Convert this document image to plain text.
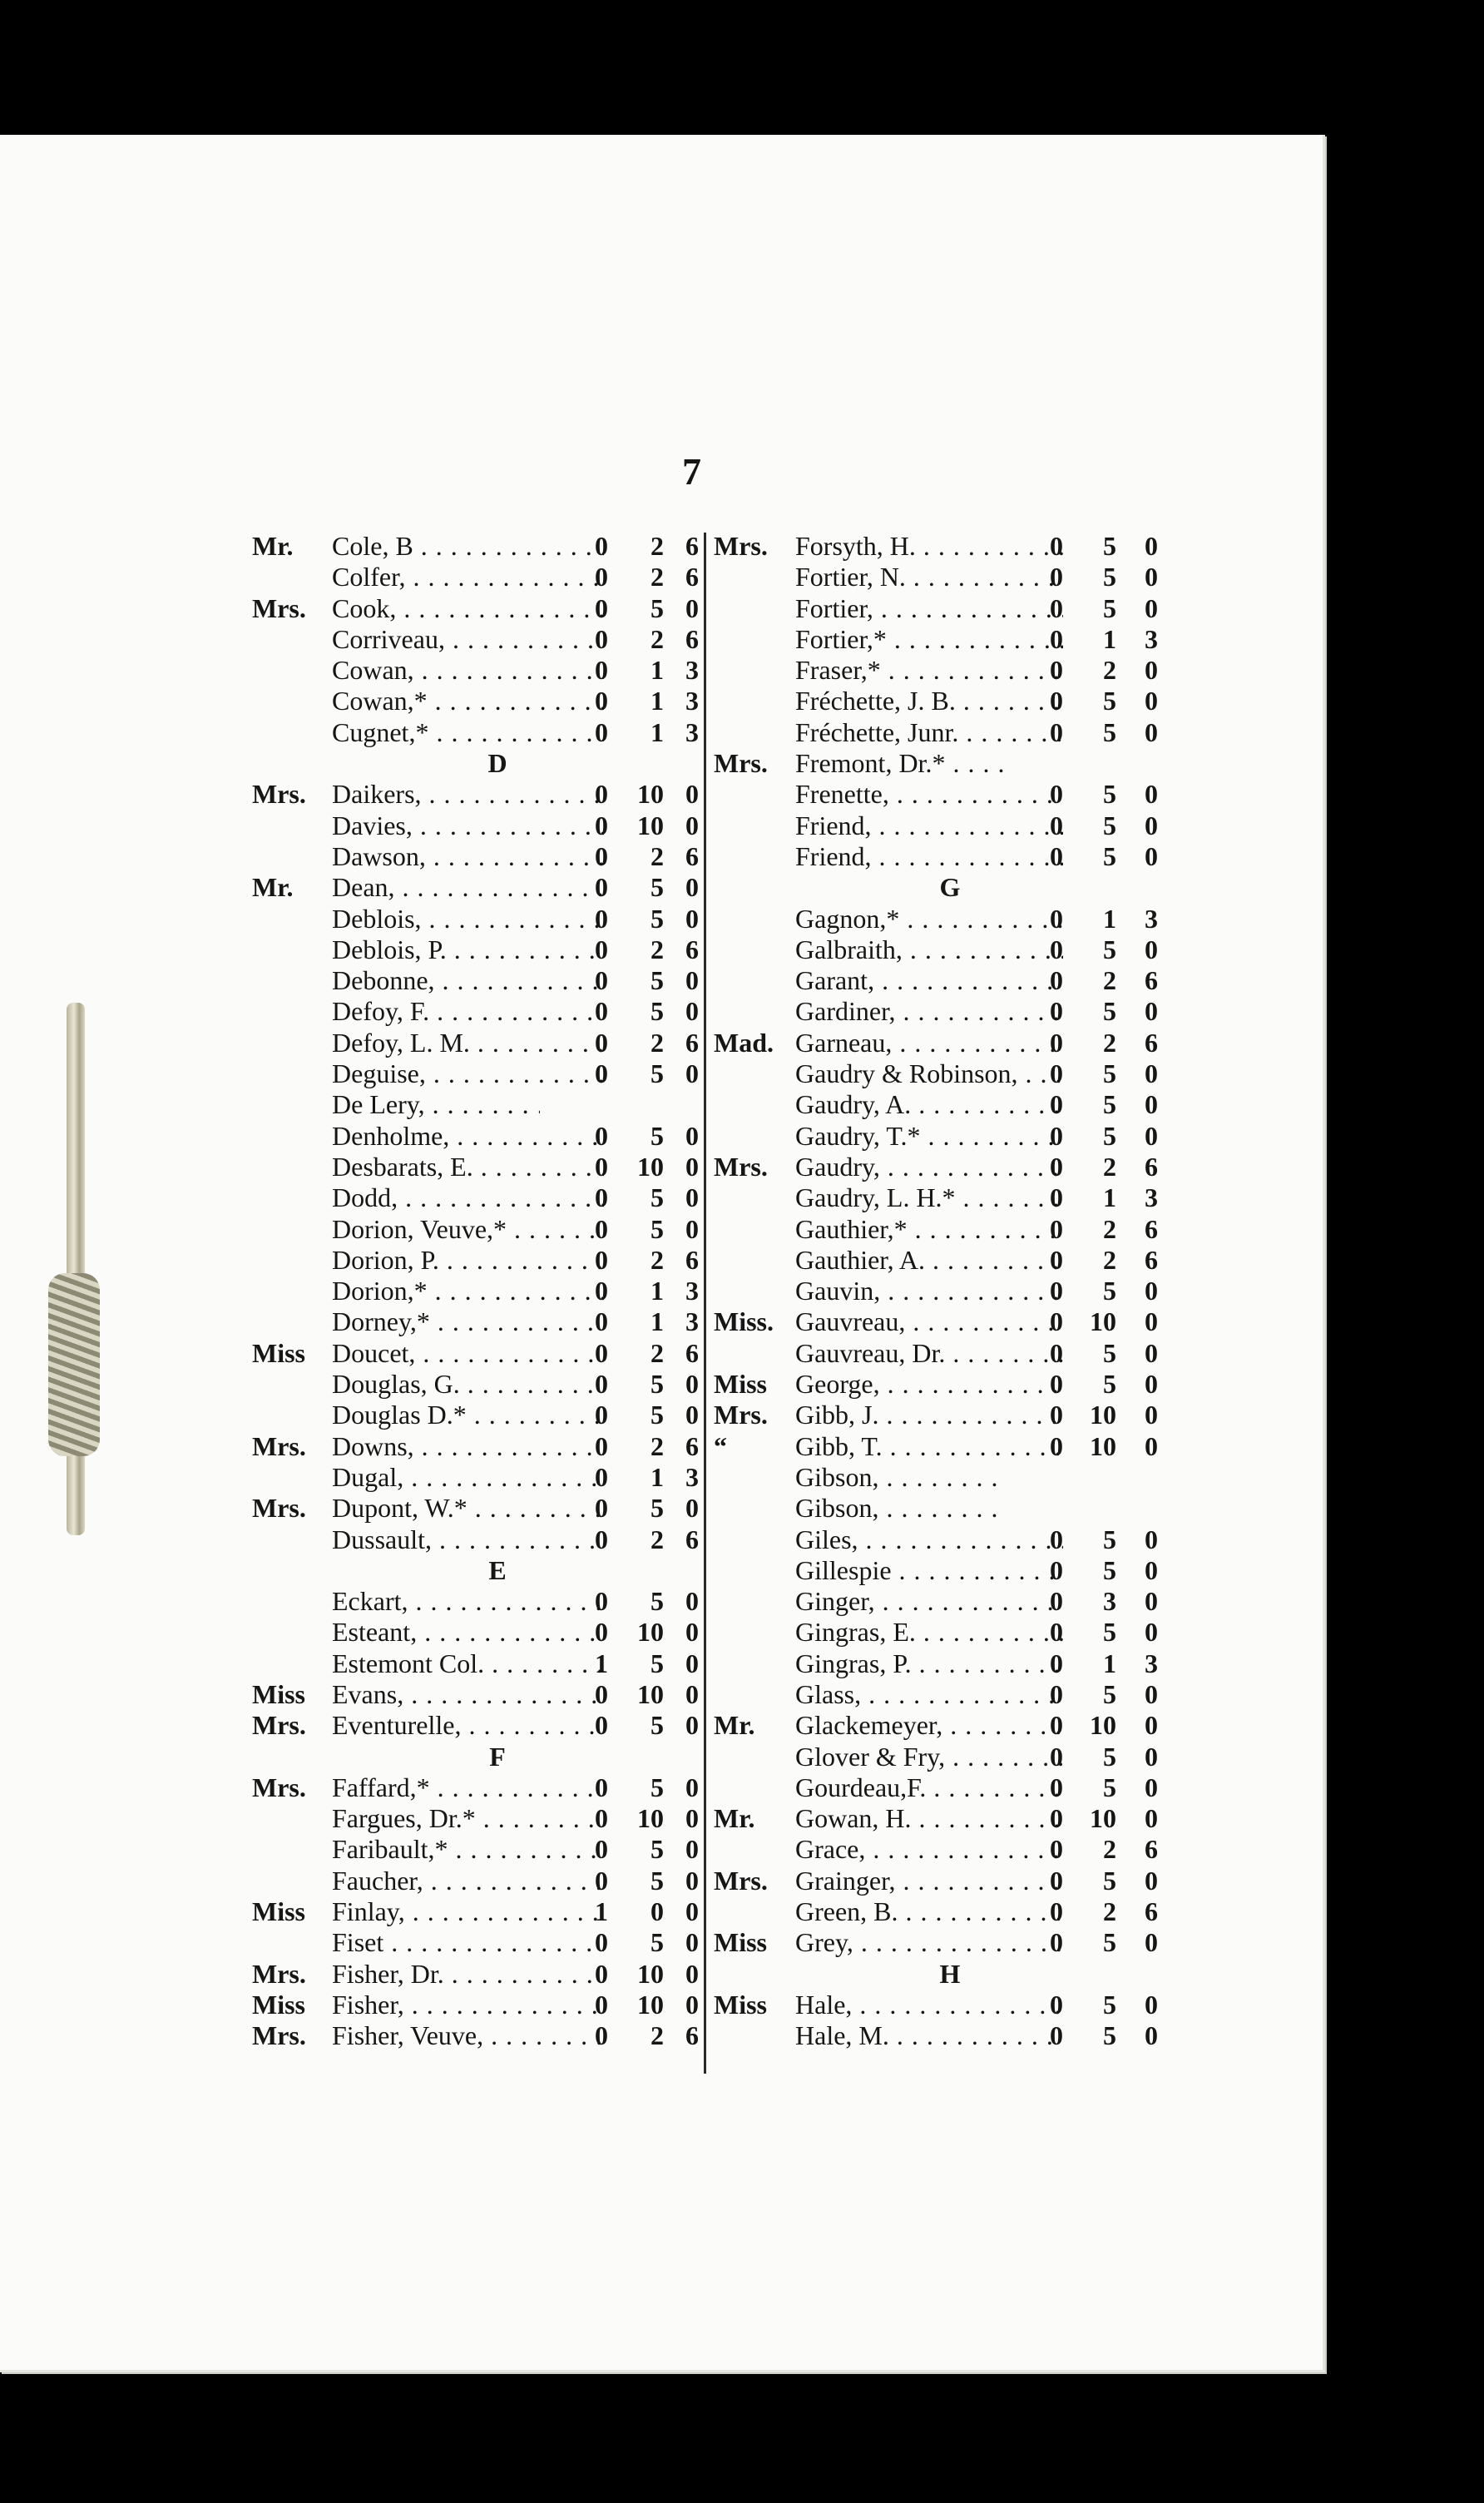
7
Mr. Cole, B . . .	0	2 6
Colfer, . . .	0	2 6
Mrs. Cook, . . .	0	5 0
Corriveau, . . .	0	2 6
Cowan, . . .	0	1 3
Cowan,* . . .	0	1 3
Cugnet,* . . .	0	1 3
D
Mrs. Daikers, . . .	0	10 0
Davies, . . .	0	10 0
Dawson, . . .	0	2 6
Mr. Dean, . . .	0	5 0
Deblois, . . .	0	5 0
Deblois, P. . . .	0	2 6
Debonne, . . .	0	5 0
Defoy, F. . . .	0	5 0
Defoy, L. M. . . .	0	2 6
Deguise, . . .	0	5 0
De Lery, . . .
Denholme, . . .	0	5 0
Desbarats, E. . . .	0	10 0
Dodd, . . .	0	5 0
Dorion, Veuve,* . . .	0	5 0
Dorion, P. . . .	0	2 6
Dorion,* . . .	0	1 3
Dorney,* . . .	0	1 3
Miss Doucet, . . .	0	2 6
Douglas, G. . . .	0	5 0
Douglas D.* . . .	0	5 0
Mrs. Downs, . . .	0	2 6
Dugal, . . .	0	1 3
Mrs. Dupont, W.* . . .	0	5 0
Dussault, . . .	0	2 6
E
Eckart, . . .	0	5 0
Esteant, . . .	0	10 0
Estemont Col. . . .	1	5 0
Miss Evans, . . .	0	10 0
Mrs. Eventurelle, . . .	0	5 0
F
Mrs. Faffard,* . . .	0	5 0
Fargues, Dr.* . . .	0	10 0
Faribault,* . . .	0	5 0
Faucher, . . .	0	5 0
Miss Finlay, . . .	1	0 0
Fiset . . .	0	5 0
Mrs. Fisher, Dr. . . .	0	10 0
Miss Fisher, . . .	0	10 0
Mrs. Fisher, Veuve, . . .	0	2 6
Mrs. Forsyth, H. . . .	0	5	0
Fortier, N. . . .	0	5	0
Fortier, . . .	0	5	0
Fortier,* . . .	0	1	3
Fraser,* . . .	0	2	0
Fréchette, J. B. . . .	0	5	0
Fréchette, Junr. . . .	0	5	0
Mrs. Fremont, Dr.* . . .
Frenette, . . .	0	5	0
Friend, . . .	0	5	0
Friend, . . .	0	5	0
G
Gagnon,* . . .	0	1	3
Galbraith, . . .	0	5	0
Garant, . . .	0	2	6
Gardiner, . . .	0	5	0
Mad. Garneau, . . .	0	2	6
Gaudry & Robinson, . . .	0	5	0
Gaudry, A. . . .	0	5	0
Gaudry, T.* . . .	0	5	0
Mrs. Gaudry, . . .	0	2	6
Gaudry, L. H.* . . .	0	1	3
Gauthier,* . . .	0	2	6
Gauthier, A. . . .	0	2	6
Gauvin, . . .	0	5	0
Miss. Gauvreau, . . .	0	10	0
Gauvreau, Dr. . . .	0	5	0
Miss George, . . .	0	5	0
Mrs. Gibb, J. . . .	0	10	0
“	Gibb, T. . . .	0	10	0
Gibson, . . .
Gibson, . . .
Giles, . . .	0	5	0
Gillespie . . .	0	5	0
Ginger, . . .	0	3	0
Gingras, E. . . .	0	5	0
Gingras, P. . . .	0	1	3
Glass, . . .	0	5	0
Mr. Glackemeyer, . . .	0	10	0
Glover & Fry, . . .	0	5	0
Gourdeau,F. . . .	0	5	0
Mr. Gowan, H. . . .	0	10	0
Grace, . . .	0	2	6
Mrs. Grainger, . . .	0	5	0
Green, B. . . .	0	2	6
Miss Grey, . . .	0	5	0
H
Miss Hale, . . .	0	5	0
Hale, M. . . .	0	5	0
